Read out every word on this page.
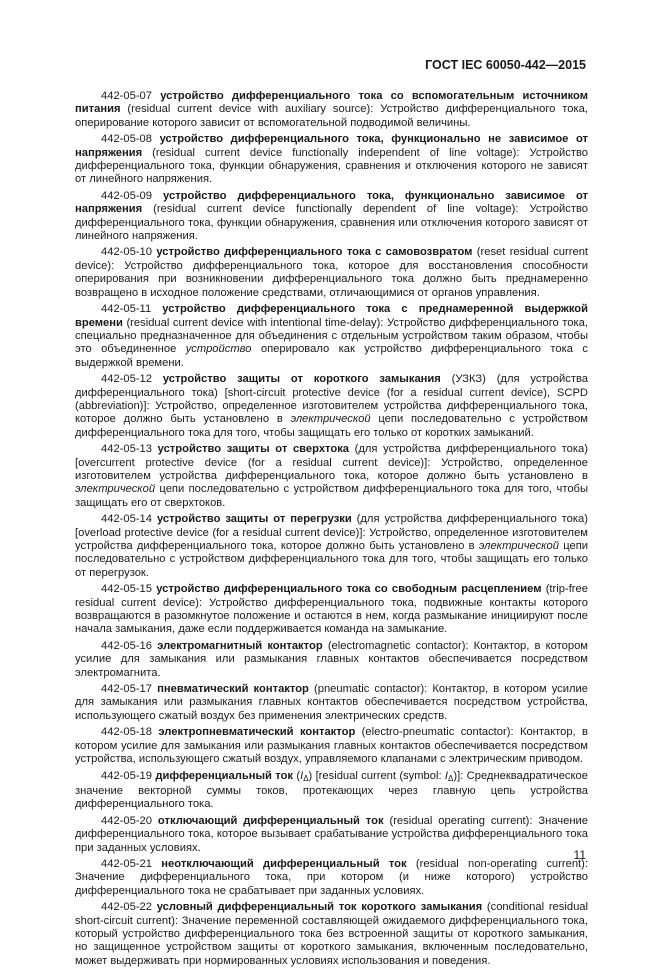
ГОСТ IEC 60050-442—2015

442-05-07 устройство дифференциального тока со вспомогательным источником питания (residual current device with auxiliary source): Устройство дифференциального тока, оперирование которого зависит от вспомогательной подводимой величины.

442-05-08 устройство дифференциального тока, функционально не зависимое от напряжения (residual current device functionally independent of line voltage): Устройство дифференциального тока, функции обнаружения, сравнения и отключения которого не зависят от линейного напряжения.

442-05-09 устройство дифференциального тока, функционально зависимое от напряжения (residual current device functionally dependent of line voltage): Устройство дифференциального тока, функции обнаружения, сравнения или отключения которого зависят от линейного напряжения.

442-05-10 устройство дифференциального тока с самовозвратом (reset residual current device): Устройство дифференциального тока, которое для восстановления способности оперирования при возникновении дифференциального тока должно быть преднамеренно возвращено в исходное положение средствами, отличающимися от органов управления.

442-05-11 устройство дифференциального тока с преднамеренной выдержкой времени (residual current device with intentional time-delay): Устройство дифференциального тока, специально предназначенное для объединения с отдельным устройством таким образом, чтобы это объединенное устройство оперировало как устройство дифференциального тока с выдержкой времени.

442-05-12 устройство защиты от короткого замыкания (УЗКЗ) (для устройства дифференциального тока) [short-circuit protective device (for a residual current device), SCPD (abbreviation)]: Устройство, определенное изготовителем устройства дифференциального тока, которое должно быть установлено в электрической цепи последовательно с устройством дифференциального тока для того, чтобы защищать его только от коротких замыканий.

442-05-13 устройство защиты от сверхтока (для устройства дифференциального тока) [overcurrent protective device (for a residual current device)]: Устройство, определенное изготовителем устройства дифференциального тока, которое должно быть установлено в электрической цепи последовательно с устройством дифференциального тока для того, чтобы защищать его от сверхтоков.

442-05-14 устройство защиты от перегрузки (для устройства дифференциального тока) [overload protective device (for a residual current device)]: Устройство, определенное изготовителем устройства дифференциального тока, которое должно быть установлено в электрической цепи последовательно с устройством дифференциального тока для того, чтобы защищать его только от перегрузок.

442-05-15 устройство дифференциального тока со свободным расцеплением (trip-free residual current device): Устройство дифференциального тока, подвижные контакты которого возвращаются в разомкнутое положение и остаются в нем, когда размыкание инициируют после начала замыкания, даже если поддерживается команда на замыкание.

442-05-16 электромагнитный контактор (electromagnetic contactor): Контактор, в котором усилие для замыкания или размыкания главных контактов обеспечивается посредством электромагнита.

442-05-17 пневматический контактор (pneumatic contactor): Контактор, в котором усилие для замыкания или размыкания главных контактов обеспечивается посредством устройства, использующего сжатый воздух без применения электрических средств.

442-05-18 электропневматический контактор (electro-pneumatic contactor): Контактор, в котором усилие для замыкания или размыкания главных контактов обеспечивается посредством устройства, использующего сжатый воздух, управляемого клапанами с электрическим приводом.

442-05-19 дифференциальный ток $(I_\Delta)$ [residual current (symbol: $I_\Delta$)]: Среднеквадратическое значение векторной суммы токов, протекающих через главную цепь устройства дифференциального тока.

442-05-20 отключающий дифференциальный ток (residual operating current): Значение дифференциального тока, которое вызывает срабатывание устройства дифференциального тока при заданных условиях.

442-05-21 неотключающий дифференциальный ток (residual non-operating current): Значение дифференциального тока, при котором (и ниже которого) устройство дифференциального тока не срабатывает при заданных условиях.

442-05-22 условный дифференциальный ток короткого замыкания (conditional residual short-circuit current): Значение переменной составляющей ожидаемого дифференциального тока, который устройство дифференциального тока без встроенной защиты от короткого замыкания, но защищенное устройством защиты от короткого замыкания, включенным последовательно, может выдерживать при нормированных условиях использования и поведения.

11
